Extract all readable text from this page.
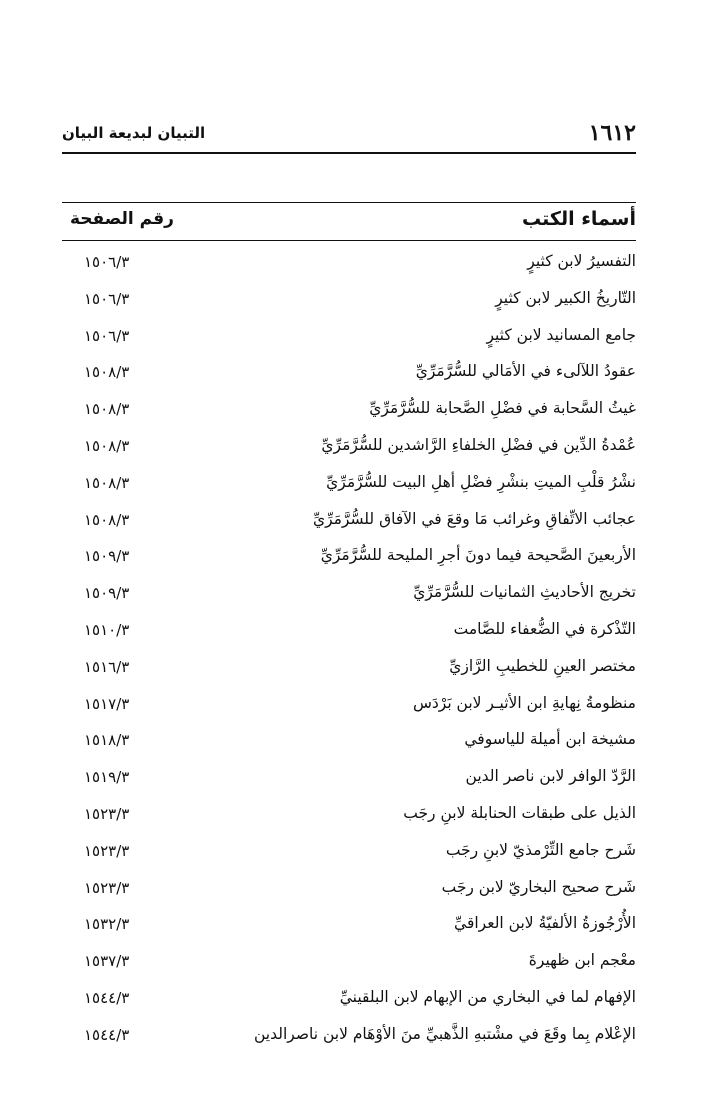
١٦١٢
التبيان لبديعة البيان
أسماء الكتب
رقم الصفحة
التفسيرُ لابن كثيرٍ
١٥٠٦/٣
التّاريخُ الكبير لابن كثيرٍ
١٥٠٦/٣
جامع المسانيد لابن كثيرٍ
١٥٠٦/٣
عقودُ اللآلىء في الأمَالي للسُّرَّمَرِّيِّ
١٥٠٨/٣
غيثُ السَّحابة في فضْلِ الصَّحابة للسُّرَّمَرِّيِّ
١٥٠٨/٣
عُمْدةُ الدِّين في فضْلِ الخلفاءِ الرَّاشدين للسُّرَّمَرِّيِّ
١٥٠٨/٣
نشْرُ قلْبِ الميتِ بنشْرِ فضْلِ أهلِ البيت للسُّرَّمَرِّيِّ
١٥٠٨/٣
عجائب الاتِّفاقِ وغرائب مَا وقعَ في الآفاق للسُّرَّمَرِّيِّ
١٥٠٨/٣
الأربعينَ الصَّحيحة فيما دونَ أجرِ المليحة للسُّرَّمَرِّيِّ
١٥٠٩/٣
تخريج الأحاديثِ الثمانيات للسُّرَّمَرِّيِّ
١٥٠٩/٣
التّذْكرة في الضُّعفاء للصَّامت
١٥١٠/٣
مختصر العينِ للخطيبِ الرَّازيِّ
١٥١٦/٣
منظومةُ نِهايةِ ابن الأثيـر لابن بَرْدَس
١٥١٧/٣
مشيخة ابن أميلة للياسوفي
١٥١٨/٣
الرَّدّ الوافر لابن ناصر الدين
١٥١٩/٣
الذيل على طبقات الحنابلة لابنِ رجَب
١٥٢٣/٣
شَرح جامع التِّرْمذيّ لابنِ رجَب
١٥٢٣/٣
شَرح صحيح البخاريّ لابن رجَب
١٥٢٣/٣
الأُرْجُوزةُ الألفيّةُ لابن العراقيِّ
١٥٣٢/٣
معْجم ابن ظهيرةَ
١٥٣٧/٣
الإفهام لما في البخاري من الإبهام لابن البلقينيِّ
١٥٤٤/٣
الإعْلام بِما وقَعَ في مشْتبهِ الذَّهبيِّ منَ الأوْهَام لابن ناصرالدين
١٥٤٤/٣
